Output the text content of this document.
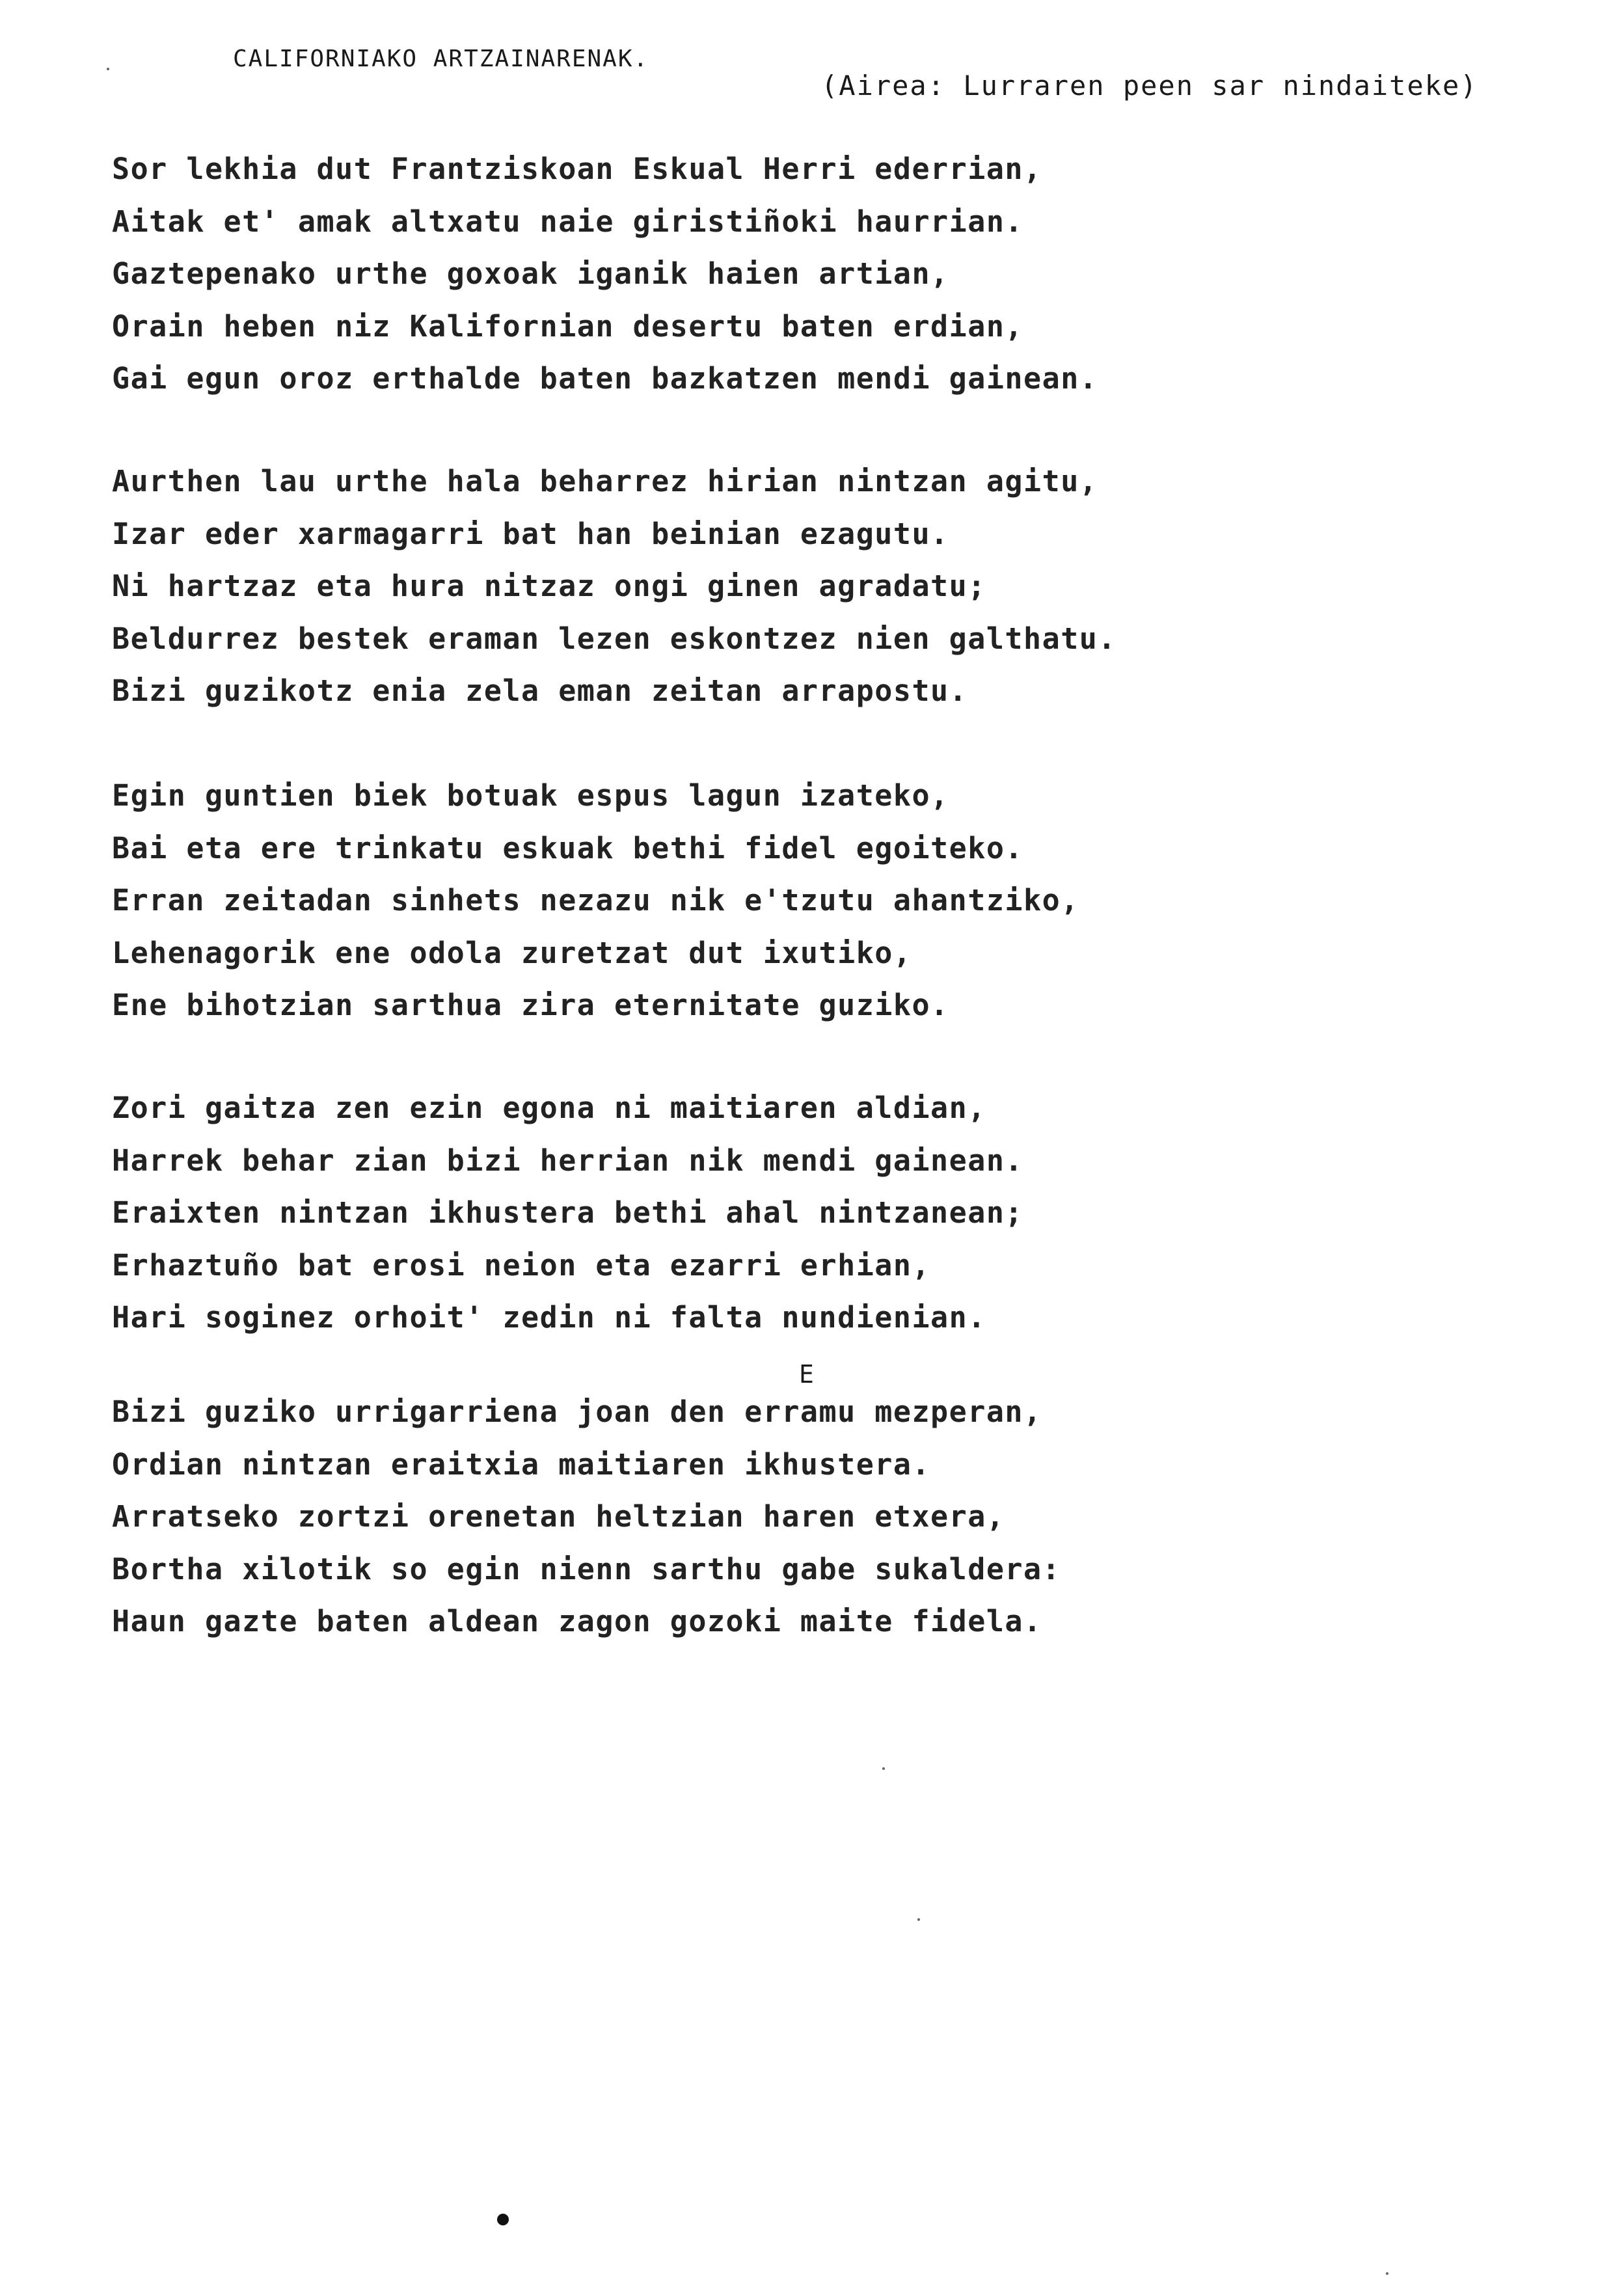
CALIFORNIAKO ARTZAINARENAK.
(Airea: Lurraren peen sar nindaiteke)
Sor lekhia dut Frantziskoan Eskual Herri ederrian,
Aitak et' amak altxatu naie giristiñoki haurrian.
Gaztepenako urthe goxoak iganik haien artian,
Orain heben niz Kalifornian desertu baten erdian,
Gai egun oroz erthalde baten bazkatzen mendi gainean.
Aurthen lau urthe hala beharrez hirian nintzan agitu,
Izar eder xarmagarri bat han beinian ezagutu.
Ni hartzaz eta hura nitzaz ongi ginen agradatu;
Beldurrez bestek eraman lezen eskontzez nien galthatu.
Bizi guzikotz enia zela eman zeitan arrapostu.
Egin guntien biek botuak espus lagun izateko,
Bai eta ere trinkatu eskuak bethi fidel egoiteko.
Erran zeitadan sinhets nezazu nik e'tzutu ahantziko,
Lehenagorik ene odola zuretzat dut ixutiko,
Ene bihotzian sarthua zira eternitate guziko.
Zori gaitza zen ezin egona ni maitiaren aldian,
Harrek behar zian bizi herrian nik mendi gainean.
Eraixten nintzan ikhustera bethi ahal nintzanean;
Erhaztuño bat erosi neion eta ezarri erhian,
Hari soginez orhoit' zedin ni falta nundienian.
E
Bizi guziko urrigarriena joan den erramu mezperan,
Ordian nintzan eraitxia maitiaren ikhustera.
Arratseko zortzi orenetan heltzian haren etxera,
Bortha xilotik so egin nienn sarthu gabe sukaldera:
Haun gazte baten aldean zagon gozoki maite fidela.
